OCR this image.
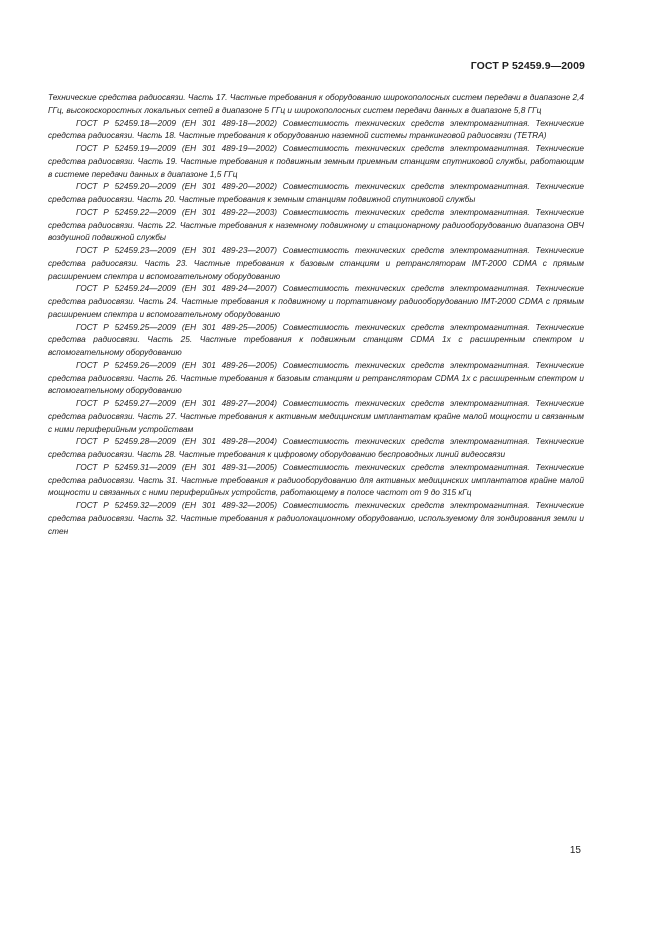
ГОСТ Р 52459.9—2009

Технические средства радиосвязи. Часть 17. Частные требования к оборудованию широкополосных систем передачи в диапазоне 2,4 ГГц, высокоскоростных локальных сетей в диапазоне 5 ГГц и широкополосных систем передачи данных в диапазоне 5,8 ГГц

ГОСТ Р 52459.18—2009 (ЕН 301 489-18—2002) Совместимость технических средств электромагнитная. Технические средства радиосвязи. Часть 18. Частные требования к оборудованию наземной системы транкинговой радиосвязи (TETRA)

ГОСТ Р 52459.19—2009 (ЕН 301 489-19—2002) Совместимость технических средств электромагнитная. Технические средства радиосвязи. Часть 19. Частные требования к подвижным земным приемным станциям спутниковой службы, работающим в системе передачи данных в диапазоне 1,5 ГГц

ГОСТ Р 52459.20—2009 (ЕН 301 489-20—2002) Совместимость технических средств электромагнитная. Технические средства радиосвязи. Часть 20. Частные требования к земным станциям подвижной спутниковой службы

ГОСТ Р 52459.22—2009 (ЕН 301 489-22—2003) Совместимость технических средств электромагнитная. Технические средства радиосвязи. Часть 22. Частные требования к наземному подвижному и стационарному радиооборудованию диапазона ОВЧ воздушной подвижной службы

ГОСТ Р 52459.23—2009 (ЕН 301 489-23—2007) Совместимость технических средств электромагнитная. Технические средства радиосвязи. Часть 23. Частные требования к базовым станциям и ретрансляторам IMT-2000 CDMA с прямым расширением спектра и вспомогательному оборудованию

ГОСТ Р 52459.24—2009 (ЕН 301 489-24—2007) Совместимость технических средств электромагнитная. Технические средства радиосвязи. Часть 24. Частные требования к подвижному и портативному радиооборудованию IMT-2000 CDMA с прямым расширением спектра и вспомогательному оборудованию

ГОСТ Р 52459.25—2009 (ЕН 301 489-25—2005) Совместимость технических средств электромагнитная. Технические средства радиосвязи. Часть 25. Частные требования к подвижным станциям CDMA 1x с расширенным спектром и вспомогательному оборудованию

ГОСТ Р 52459.26—2009 (ЕН 301 489-26—2005) Совместимость технических средств электромагнитная. Технические средства радиосвязи. Часть 26. Частные требования к базовым станциям и ретрансляторам CDMA 1x с расширенным спектром и вспомогательному оборудованию

ГОСТ Р 52459.27—2009 (ЕН 301 489-27—2004) Совместимость технических средств электромагнитная. Технические средства радиосвязи. Часть 27. Частные требования к активным медицинским имплантатам крайне малой мощности и связанным с ними периферийным устройствам

ГОСТ Р 52459.28—2009 (ЕН 301 489-28—2004) Совместимость технических средств электромагнитная. Технические средства радиосвязи. Часть 28. Частные требования к цифровому оборудованию беспроводных линий видеосвязи

ГОСТ Р 52459.31—2009 (ЕН 301 489-31—2005) Совместимость технических средств электромагнитная. Технические средства радиосвязи. Часть 31. Частные требования к радиооборудованию для активных медицинских имплантатов крайне малой мощности и связанных с ними периферийных устройств, работающему в полосе частот от 9 до 315 кГц

ГОСТ Р 52459.32—2009 (ЕН 301 489-32—2005) Совместимость технических средств электромагнитная. Технические средства радиосвязи. Часть 32. Частные требования к радиолокационному оборудованию, используемому для зондирования земли и стен

15
